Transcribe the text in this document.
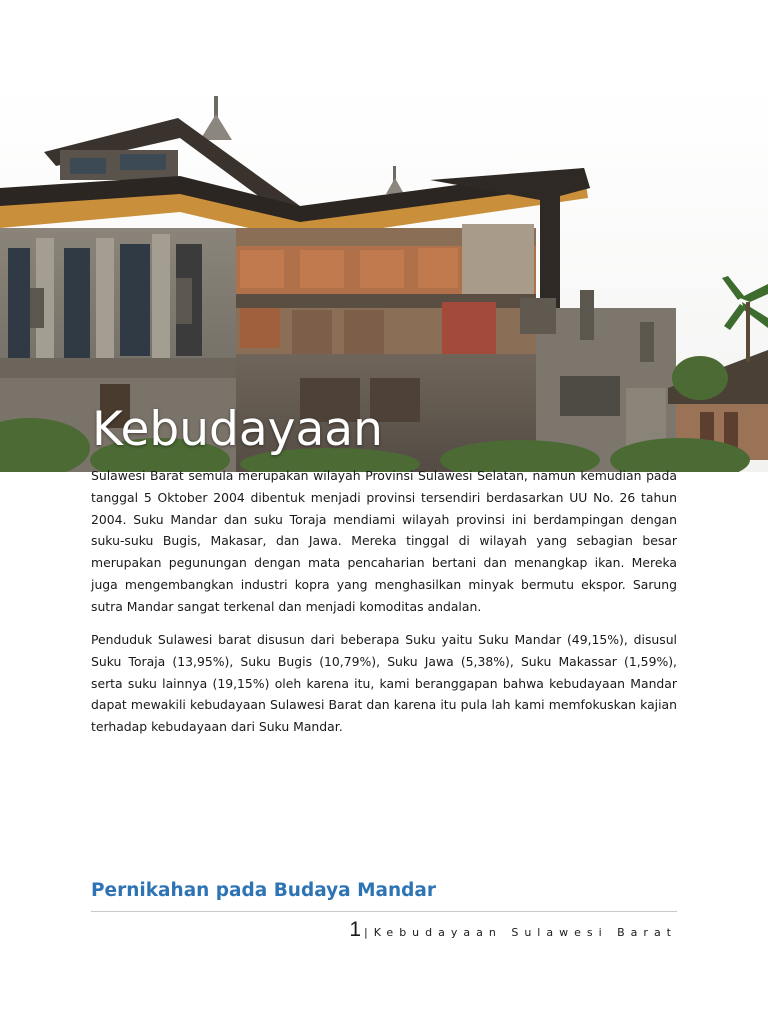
Kebudayaan

Sulawesi Barat semula merupakan wilayah Provinsi Sulawesi Selatan, namun kemudian pada tanggal 5 Oktober 2004 dibentuk menjadi provinsi tersendiri berdasarkan UU No. 26 tahun 2004. Suku Mandar dan suku Toraja mendiami wilayah provinsi ini berdampingan dengan suku-suku Bugis, Makasar, dan Jawa. Mereka tinggal di wilayah yang sebagian besar merupakan pegunungan dengan mata pencaharian bertani dan menangkap ikan. Mereka juga mengembangkan industri kopra yang menghasilkan minyak bermutu ekspor. Sarung sutra Mandar sangat terkenal dan menjadi komoditas andalan.

Penduduk Sulawesi barat disusun dari beberapa Suku yaitu Suku Mandar (49,15%), disusul Suku Toraja (13,95%), Suku Bugis (10,79%), Suku Jawa (5,38%), Suku Makassar (1,59%), serta suku lainnya (19,15%) oleh karena itu, kami beranggapan bahwa kebudayaan Mandar dapat mewakili kebudayaan Sulawesi Barat dan karena itu pula lah kami memfokuskan kajian terhadap kebudayaan dari Suku Mandar.

Pernikahan pada Budaya Mandar
1 | Kebudayaan Sulawesi Barat
